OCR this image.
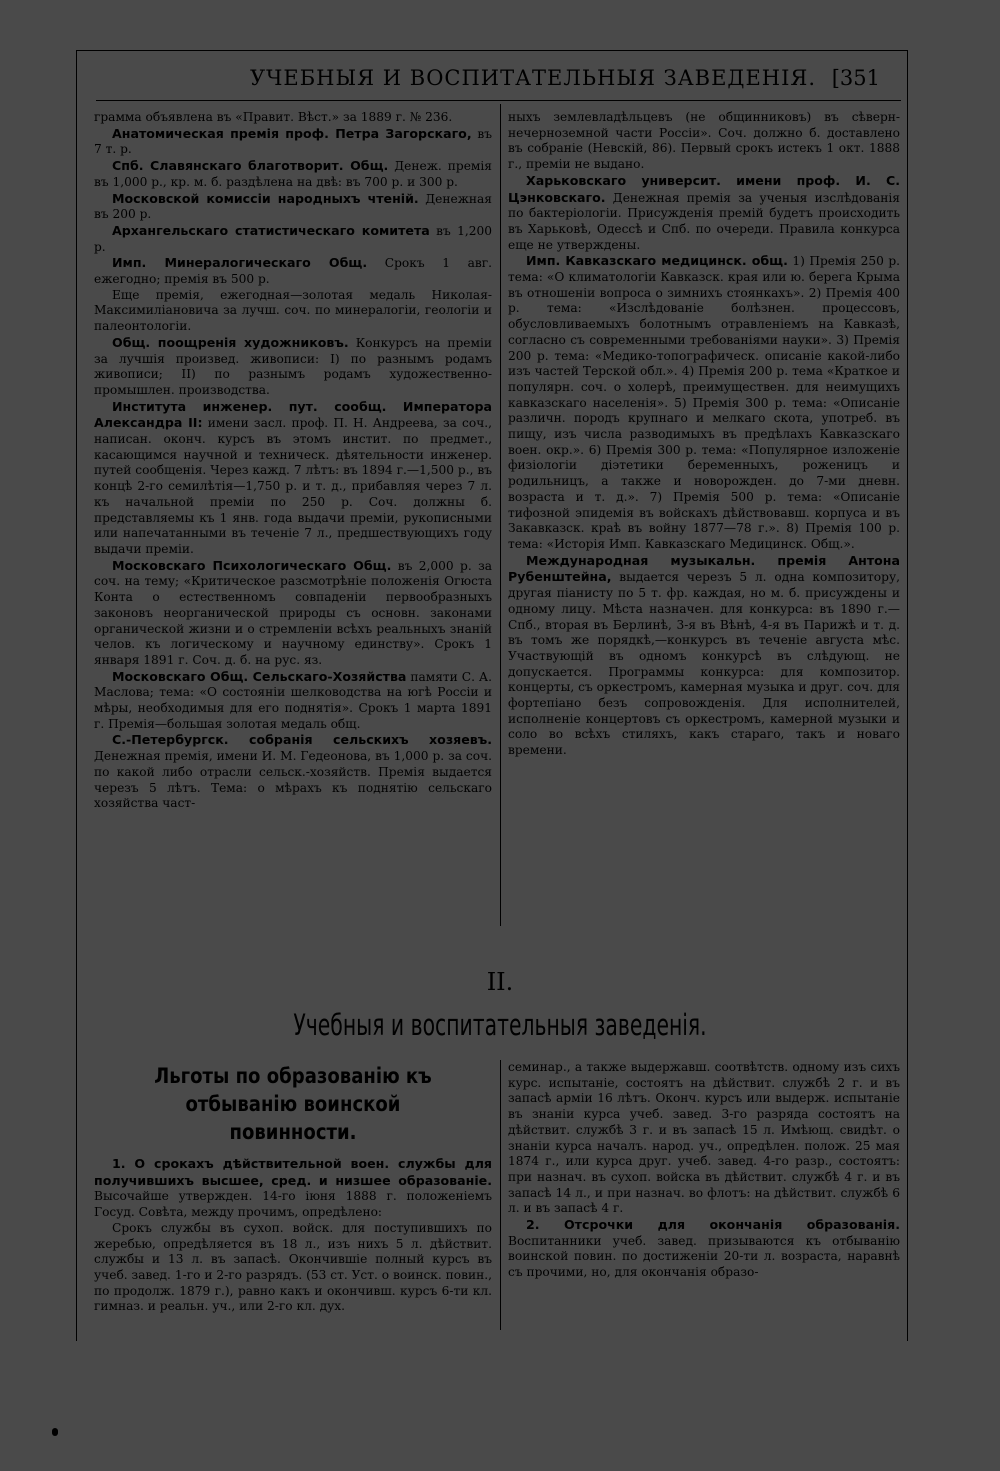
УЧЕБНЫЯ И ВОСПИТАТЕЛЬНЫЯ ЗАВЕДЕНІЯ. [351

грамма объявлена въ «Правит. Вѣст.» за 1889 г. № 236.

Анатомическая премія проф. Петра Загорскаго, въ 7 т. р.

Спб. Славянскаго благотворит. Общ. Денеж. премія въ 1,000 р., кр. м. б. раздѣлена на двѣ: въ 700 р. и 300 р.

Московской комиссіи народныхъ чтеній. Денежная въ 200 р.

Архангельскаго статистическаго комитета въ 1,200 р.

Имп. Минералогическаго Общ. Срокъ 1 авг. ежегодно; премія въ 500 р.

Еще премія, ежегодная—золотая медаль Николая-Максимиліановича за лучш. соч. по минералогіи, геологіи и палеонтологіи.

Общ. поощренія художниковъ. Конкурсъ на преміи за лучшія произвед. живописи: I) по разнымъ родамъ живописи; II) по разнымъ родамъ художественно-промышлен. производства.

Института инженер. пут. сообщ. Императора Александра II: имени засл. проф. П. Н. Андреева, за соч., написан. оконч. курсъ въ этомъ инстит. по предмет., касающимся научной и техническ. дѣятельности инженер. путей сообщенія. Через кажд. 7 лѣтъ: въ 1894 г.—1,500 р., въ концѣ 2-го семилѣтія—1,750 р. и т. д., прибавляя через 7 л. къ начальной преміи по 250 р. Соч. должны б. представляемы къ 1 янв. года выдачи преміи, рукописными или напечатанными въ теченіе 7 л., предшествующихъ году выдачи преміи.

Московскаго Психологическаго Общ. въ 2,000 р. за соч. на тему; «Критическое разсмотрѣніе положенія Огюста Конта о естественномъ совпаденіи первообразныхъ законовъ неорганической природы съ основн. законами органической жизни и о стремленіи всѣхъ реальныхъ знаній челов. къ логическому и научному единству». Срокъ 1 января 1891 г. Соч. д. б. на рус. яз.

Московскаго Общ. Сельскаго-Хозяйства памяти С. А. Маслова; тема: «О состояніи шелководства на югѣ Россіи и мѣры, необходимыя для его поднятія». Срокъ 1 марта 1891 г. Премія—большая золотая медаль общ.

С.-Петербургск. собранія сельскихъ хозяевъ. Денежная премія, имени И. М. Гедеонова, въ 1,000 р. за соч. по какой либо отрасли сельск.-хозяйств. Премія выдается черезъ 5 лѣтъ. Тема: о мѣрахъ къ поднятію сельскаго хозяйства част-

ныхъ землевладѣльцевъ (не общинниковъ) въ сѣверн-нечерноземной части Россіи». Соч. должно б. доставлено въ собраніе (Невскій, 86). Первый срокъ истекъ 1 окт. 1888 г., преміи не выдано.

Харьковскаго университ. имени проф. И. С. Цэнковскаго. Денежная премія за ученыя изслѣдованія по бактеріологіи. Присужденія премій будетъ происходить въ Харьковѣ, Одессѣ и Спб. по очереди. Правила конкурса еще не утверждены.

Имп. Кавказскаго медицинск. общ. 1) Премія 250 р. тема: «О климатологіи Кавказск. края или ю. берега Крыма въ отношеніи вопроса о зимнихъ стоянкахъ». 2) Премія 400 р. тема: «Изслѣдованіе болѣзнен. процессовъ, обусловливаемыхъ болотнымъ отравленіемъ на Кавказѣ, согласно съ современными требованіями науки». 3) Премія 200 р. тема: «Медико-топографическ. описаніе какой-либо изъ частей Терской обл.». 4) Премія 200 р. тема «Краткое и популярн. соч. о холерѣ, преимуществен. для неимущихъ кавказскаго населенія». 5) Премія 300 р. тема: «Описаніе различн. породъ крупнаго и мелкаго скота, употреб. въ пищу, изъ числа разводимыхъ въ предѣлахъ Кавказскаго воен. окр.». 6) Премія 300 р. тема: «Популярное изложеніе физіологіи діэтетики беременныхъ, роженицъ и родильницъ, а также и новорожден. до 7-ми дневн. возраста и т. д.». 7) Премія 500 р. тема: «Описаніе тифозной эпидемія въ войскахъ дѣйствовавш. корпуса и въ Закавказск. краѣ въ войну 1877—78 г.». 8) Премія 100 р. тема: «Исторія Имп. Кавказскаго Медицинск. Общ.».

Международная музыкальн. премія Антона Рубенштейна, выдается черезъ 5 л. одна композитору, другая піанисту по 5 т. фр. каждая, но м. б. присуждены и одному лицу. Мѣста назначен. для конкурса: въ 1890 г.—Спб., вторая въ Берлинѣ, 3-я въ Вѣнѣ, 4-я въ Парижѣ и т. д. въ томъ же порядкѣ,—конкурсъ въ теченіе августа мѣс. Участвующій въ одномъ конкурсѣ въ слѣдующ. не допускается. Программы конкурса: для композитор. концерты, съ оркестромъ, камерная музыка и друг. соч. для фортепіано безъ сопровожденія. Для исполнителей, исполненіе концертовъ съ оркестромъ, камерной музыки и соло во всѣхъ стиляхъ, какъ стараго, такъ и новаго времени.

II.
Учебныя и воспитательныя заведенія.
Льготы по образованію къ отбыванію воинской повинности.

1. О срокахъ дѣйствительной воен. службы для получившихъ высшее, сред. и низшее образованіе. Высочайше утвержден. 14-го іюня 1888 г. положеніемъ Госуд. Совѣта, между прочимъ, опредѣлено:

Срокъ службы въ сухоп. войск. для поступившихъ по жеребью, опредѣляется въ 18 л., изъ нихъ 5 л. дѣйствит. службы и 13 л. въ запасѣ. Окончившіе полный курсъ въ учеб. завед. 1-го и 2-го разрядъ. (53 ст. Уст. о воинск. повин., по продолж. 1879 г.), равно какъ и окончивш. курсъ 6-ти кл. гимназ. и реальн. уч., или 2-го кл. дух.

семинар., а также выдержавш. соотвѣтств. одному изъ сихъ курс. испытаніе, состоятъ на дѣйствит. службѣ 2 г. и въ запасѣ арміи 16 лѣтъ. Оконч. курсъ или выдерж. испытаніе въ знаніи курса учеб. завед. 3-го разряда состоятъ на дѣйствит. службѣ 3 г. и въ запасѣ 15 л. Имѣющ. свидѣт. о знаніи курса началъ. народ. уч., опредѣлен. полож. 25 мая 1874 г., или курса друг. учеб. завед. 4-го разр., состоятъ: при назнач. въ сухоп. войска въ дѣйствит. службѣ 4 г. и въ запасѣ 14 л., и при назнач. во флотъ: на дѣйствит. службѣ 6 л. и въ запасѣ 4 г.

2. Отсрочки для окончанія образованія. Воспитанники учеб. завед. призываются къ отбыванію воинской повин. по достиженіи 20-ти л. возраста, наравнѣ съ прочими, но, для окончанія образо-
